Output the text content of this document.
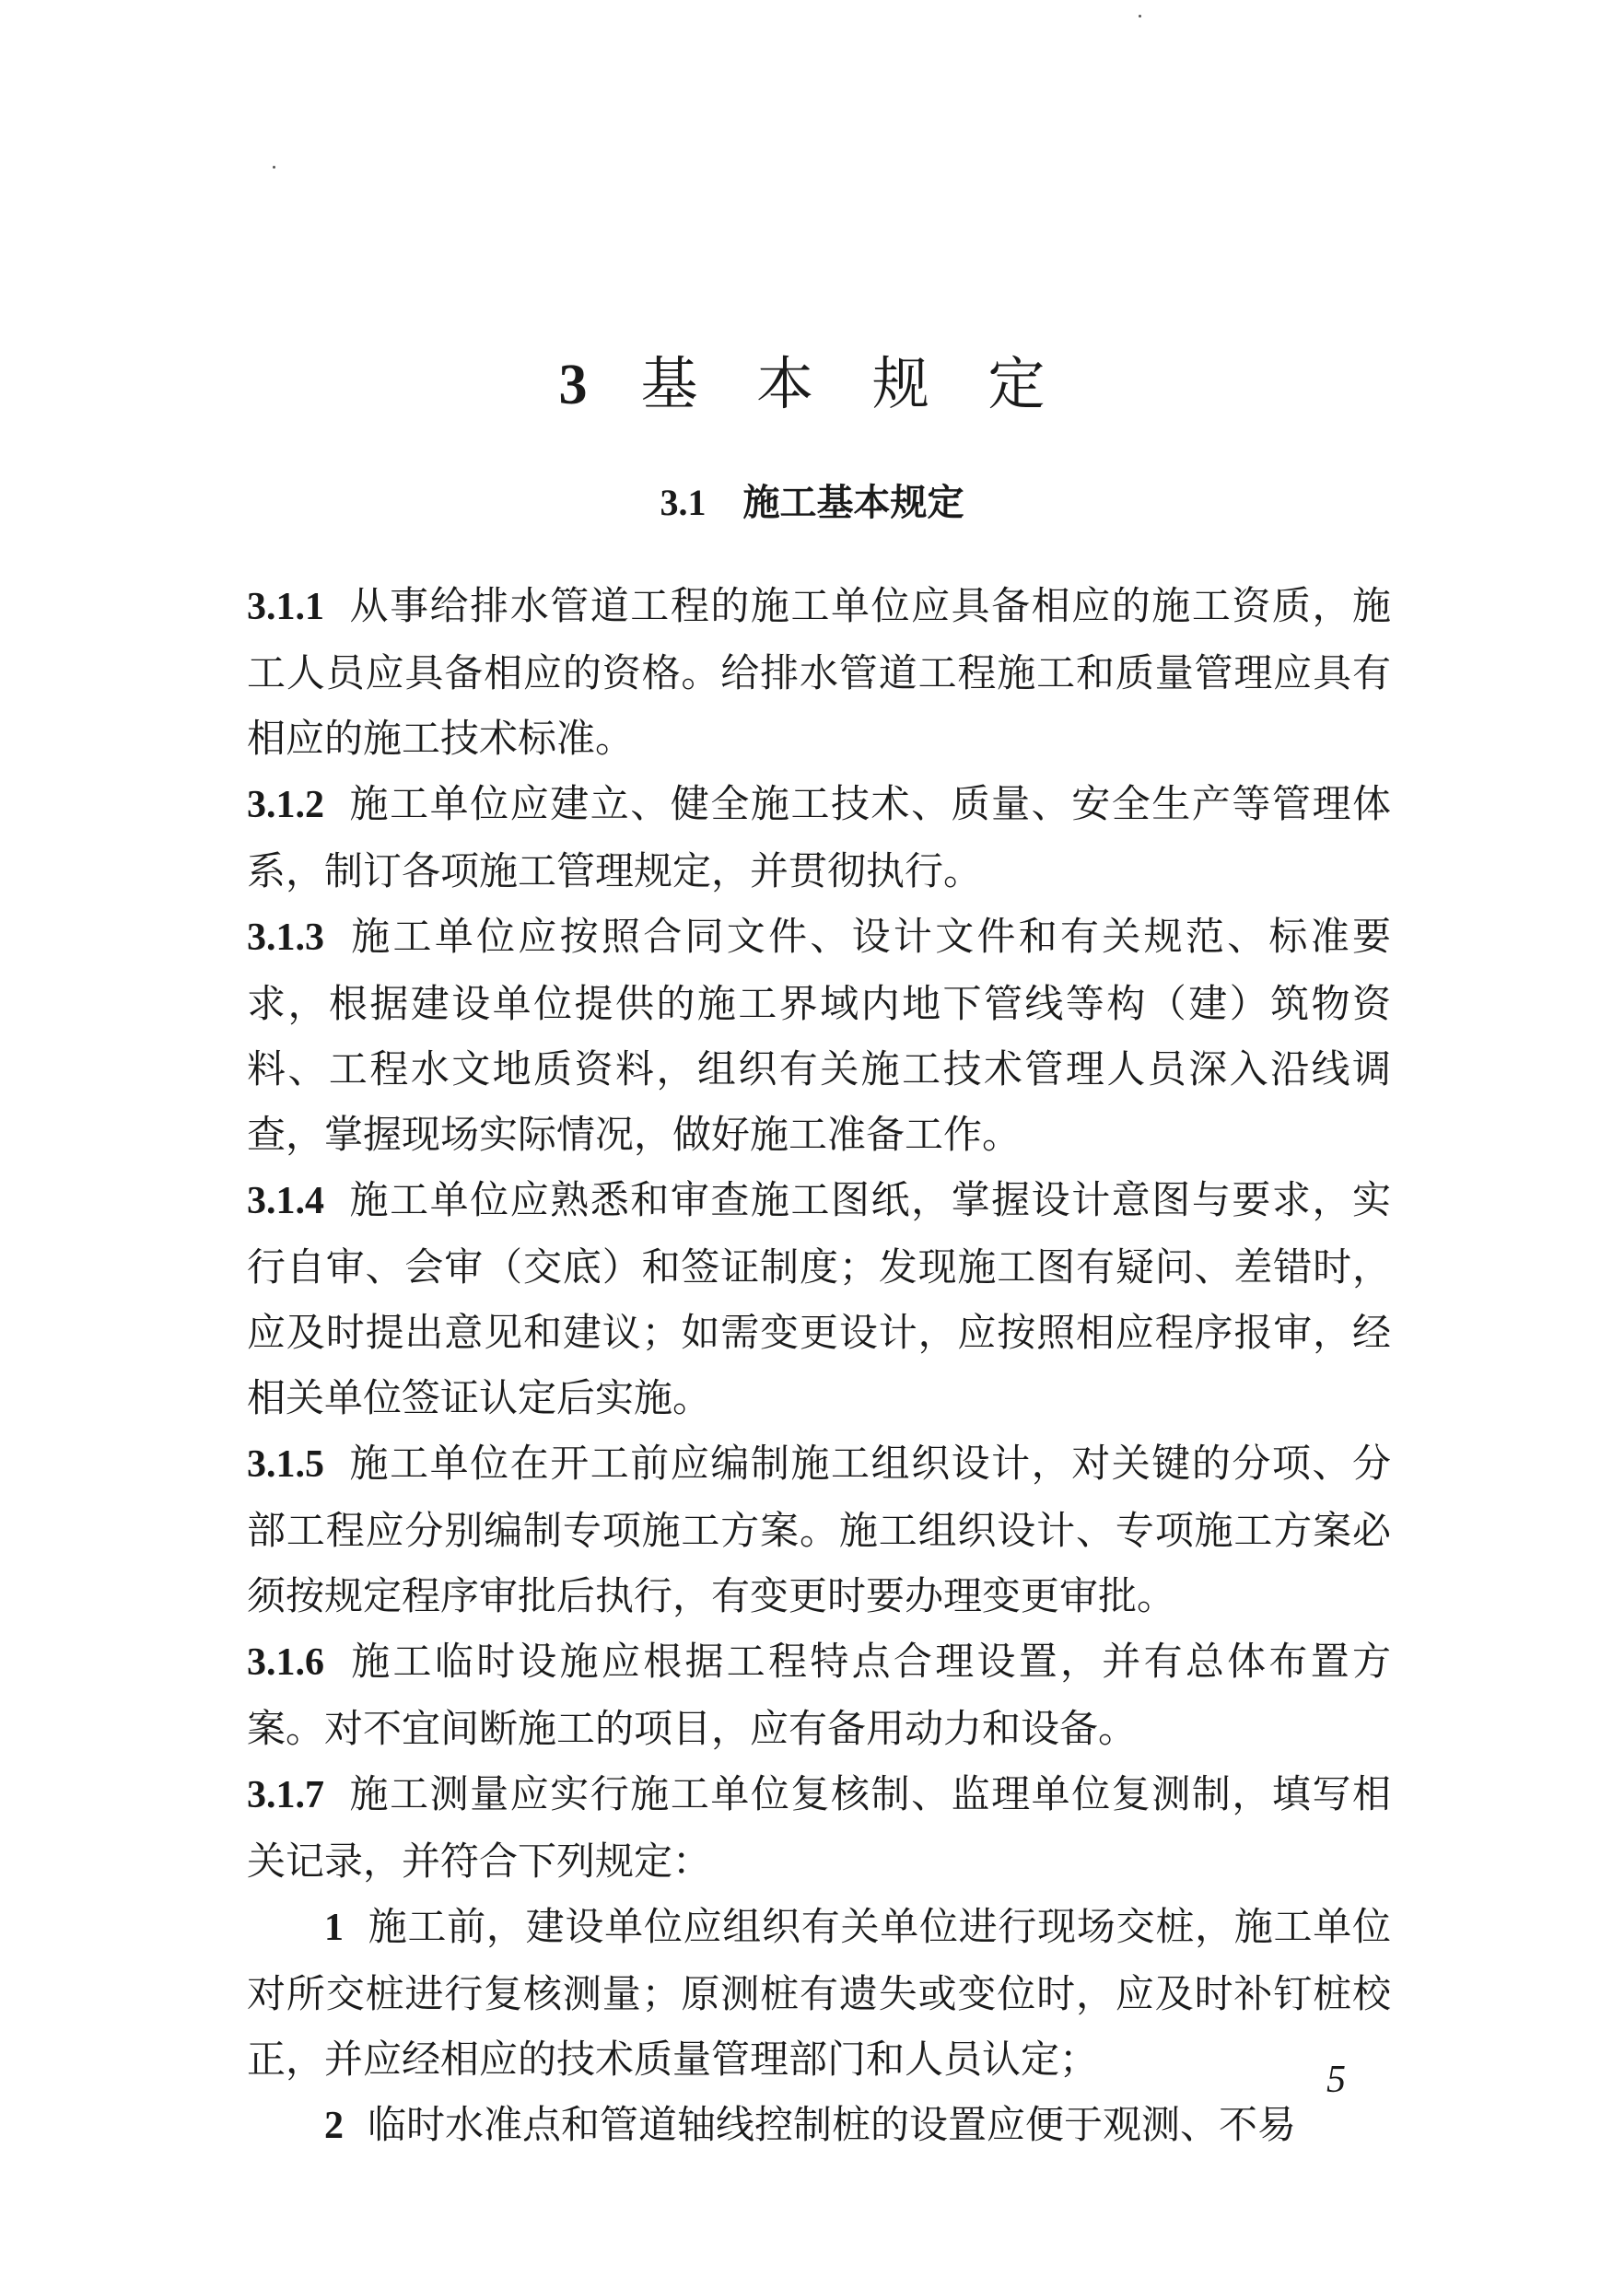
3 基 本 规 定
3.1 施工基本规定

3.1.1 从事给排水管道工程的施工单位应具备相应的施工资质，施工人员应具备相应的资格。给排水管道工程施工和质量管理应具有相应的施工技术标准。

3.1.2 施工单位应建立、健全施工技术、质量、安全生产等管理体系，制订各项施工管理规定，并贯彻执行。

3.1.3 施工单位应按照合同文件、设计文件和有关规范、标准要求，根据建设单位提供的施工界域内地下管线等构（建）筑物资料、工程水文地质资料，组织有关施工技术管理人员深入沿线调查，掌握现场实际情况，做好施工准备工作。

3.1.4 施工单位应熟悉和审查施工图纸，掌握设计意图与要求，实行自审、会审（交底）和签证制度；发现施工图有疑问、差错时，应及时提出意见和建议；如需变更设计，应按照相应程序报审，经相关单位签证认定后实施。

3.1.5 施工单位在开工前应编制施工组织设计，对关键的分项、分部工程应分别编制专项施工方案。施工组织设计、专项施工方案必须按规定程序审批后执行，有变更时要办理变更审批。

3.1.6 施工临时设施应根据工程特点合理设置，并有总体布置方案。对不宜间断施工的项目，应有备用动力和设备。

3.1.7 施工测量应实行施工单位复核制、监理单位复测制，填写相关记录，并符合下列规定：

1 施工前，建设单位应组织有关单位进行现场交桩，施工单位对所交桩进行复核测量；原测桩有遗失或变位时，应及时补钉桩校正，并应经相应的技术质量管理部门和人员认定；

2 临时水准点和管道轴线控制桩的设置应便于观测、不易

5
